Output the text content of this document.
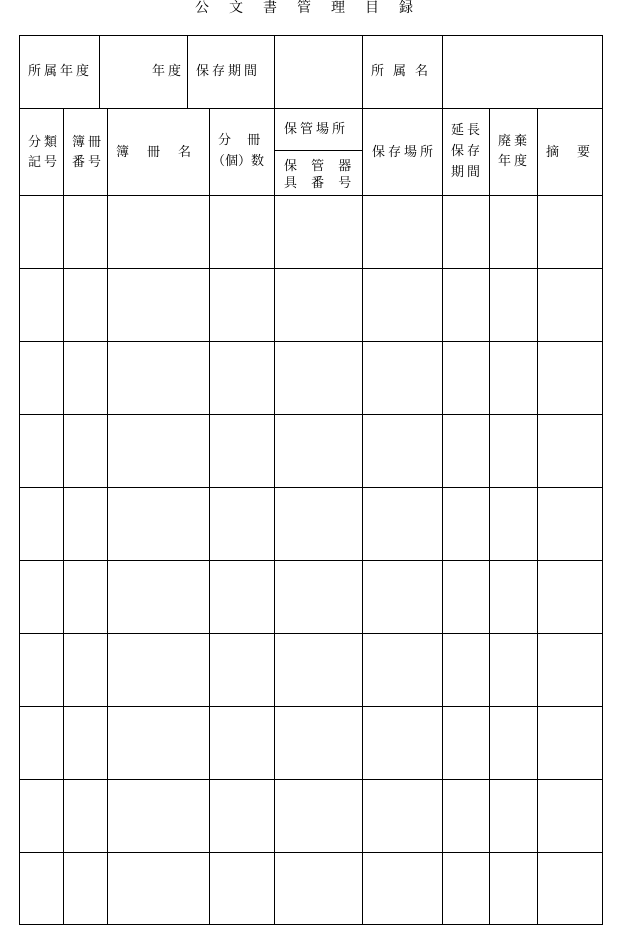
公文書管理目録
所属年度	年度 保存期間	所属名
分類
記号
簿冊
番号
簿冊名
分 冊
（個）数
保管場所
保 管 器
具 番 号
保存場所
延長
保存
期間
廃棄
年度
摘要
